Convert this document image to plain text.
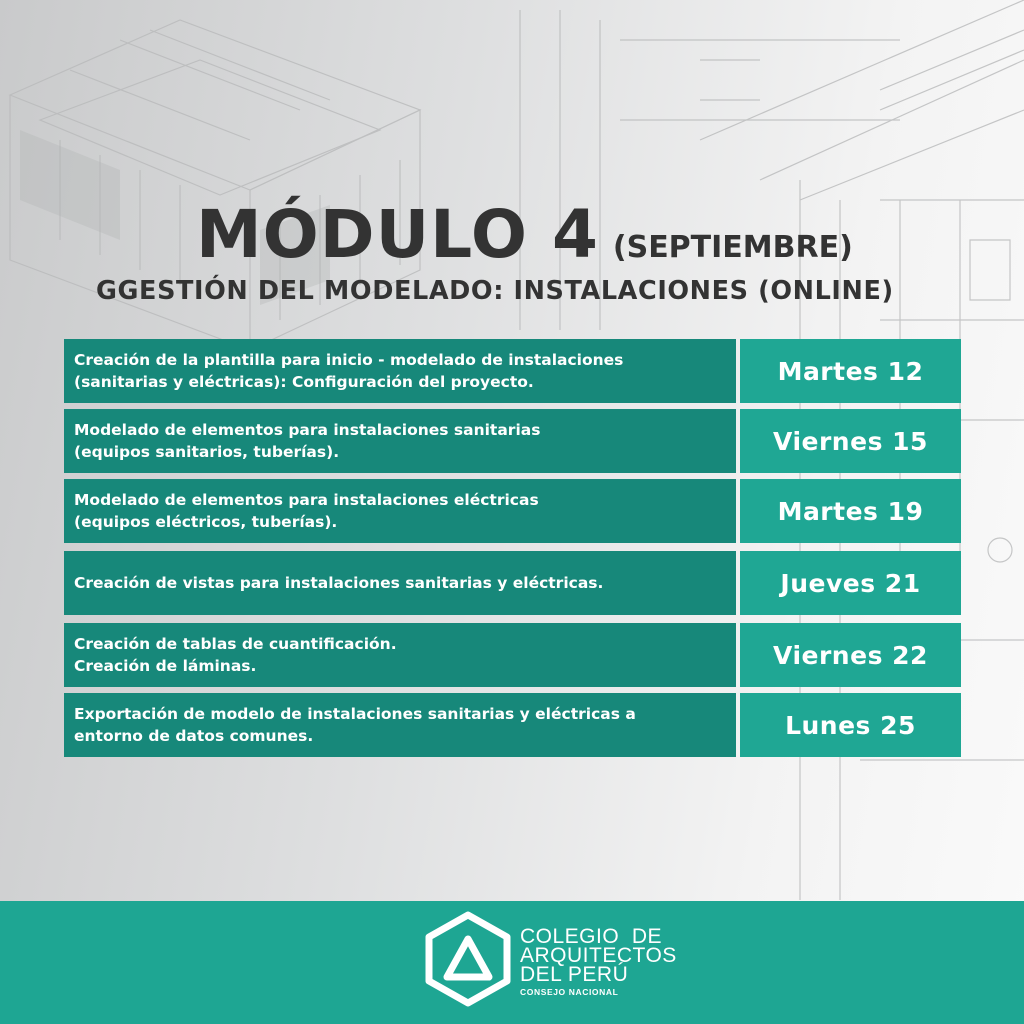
MÓDULO 4 (SEPTIEMBRE)
GGESTIÓN DEL MODELADO: INSTALACIONES (ONLINE)
Creación de la plantilla para inicio - modelado de instalaciones
(sanitarias y eléctricas): Configuración del proyecto.	Martes 12
Modelado de elementos para instalaciones sanitarias
(equipos sanitarios, tuberías).	Viernes 15
Modelado de elementos para instalaciones eléctricas
(equipos eléctricos, tuberías).	Martes 19
Creación de vistas para instalaciones sanitarias y eléctricas.	Jueves 21
Creación de tablas de cuantificación.
Creación de láminas.	Viernes 22
Exportación de modelo de instalaciones sanitarias y eléctricas a
entorno de datos comunes.	Lunes 25
COLEGIO  DE
ARQUITECTOS
DEL PERÚ
CONSEJO NACIONAL
